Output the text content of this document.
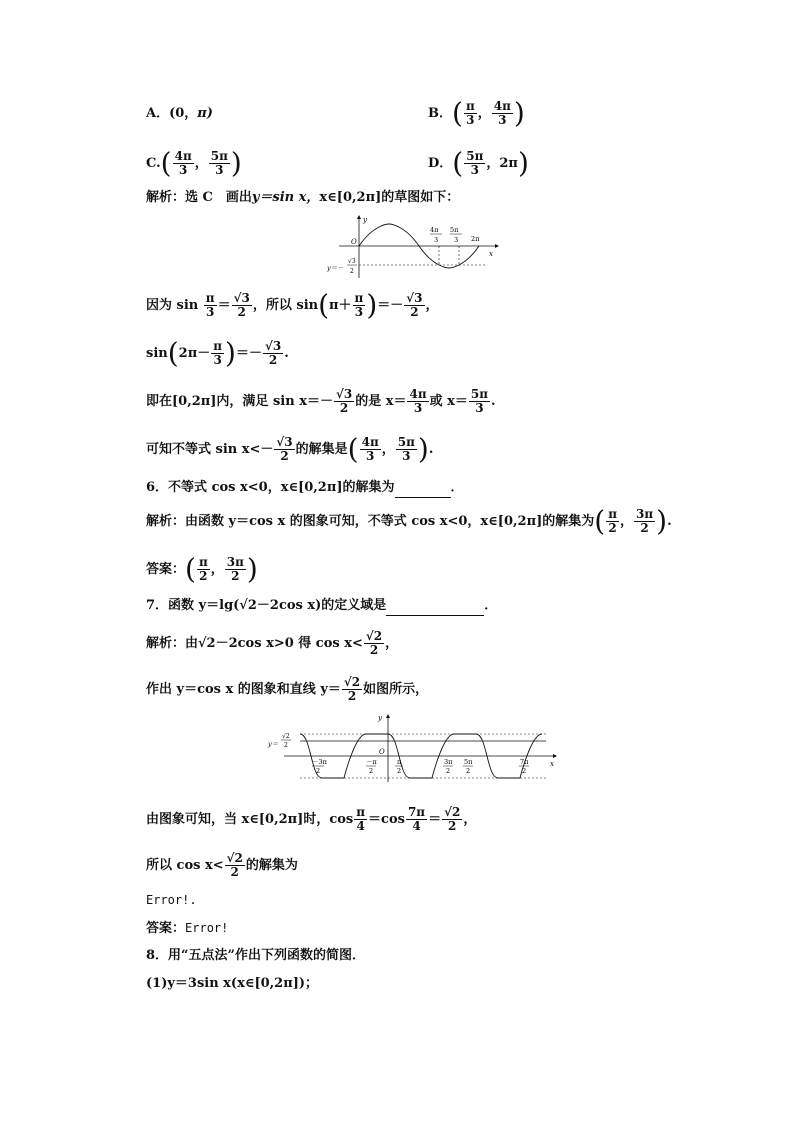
A．(0，π)	B．( $\frac{\pi}{3}$ ， $\frac{4\pi}{3}$ )
$C.( \frac{4\pi}{3}$ ， $\frac{5\pi}{3}$ )	D．( $\frac{5\pi}{3}$ ，2π)
解析：选 C　画出y＝sin x，x∈[0,2π]的草图如下：
y
x
O
4π
3
5π
3 2π
y＝－
√3
2
因为 $\sin \frac{\pi}{3} = \frac{√3}{2}$ ，所以 $\sin(\pi+ \frac{\pi}{3}$ )＝－ $\frac{√3}{2}$ ，
$\sin(2\pi- \frac{\pi}{3}$ )＝－ $\frac{√3}{2}$ .
即在[0,2π]内，满足 $\sin x=- \frac{√3}{2}$ 的是 $x= \frac{4\pi}{3}$ 或 $x= \frac{5\pi}{3}$ .
可知不等式 $\sin x<- \frac{√3}{2}$ 的解集是( $\frac{4\pi}{3}$ ， $\frac{5\pi}{3}$ ).
6．不等式 cos x<0，x∈[0,2π]的解集为	．
解析：由函数 y＝cos x 的图象可知，不等式 cos x<0，x∈[0,2π]的解集为( $\frac{\pi}{2}$ ， $\frac{3\pi}{2}$ ).
答案：( $\frac{\pi}{2}$ ， $\frac{3\pi}{2}$ )
7．函数 y＝lg(√2－2cos x)的定义域是	．
解析：由√2－2cos x>0 得 $\cos x< \frac{√2}{2}$ ，
作出 y＝cos x 的图象和直线 $y= \frac{√2}{2}$ 如图所示，
y
x
O
y＝
√2
2
－3π
2
－π
2
π
2
3π
2
5π
2
7π
2
由图象可知，当 x∈[0,2π]时，$\cos \frac{\pi}{4} =\cos \frac{7\pi}{4} = \frac{√2}{2}$ ，
所以 $\cos x< \frac{√2}{2}$ 的解集为
Error!.
答案：Error!
8．用“五点法”作出下列函数的简图．
(1)y＝3sin x(x∈[0,2π])；
